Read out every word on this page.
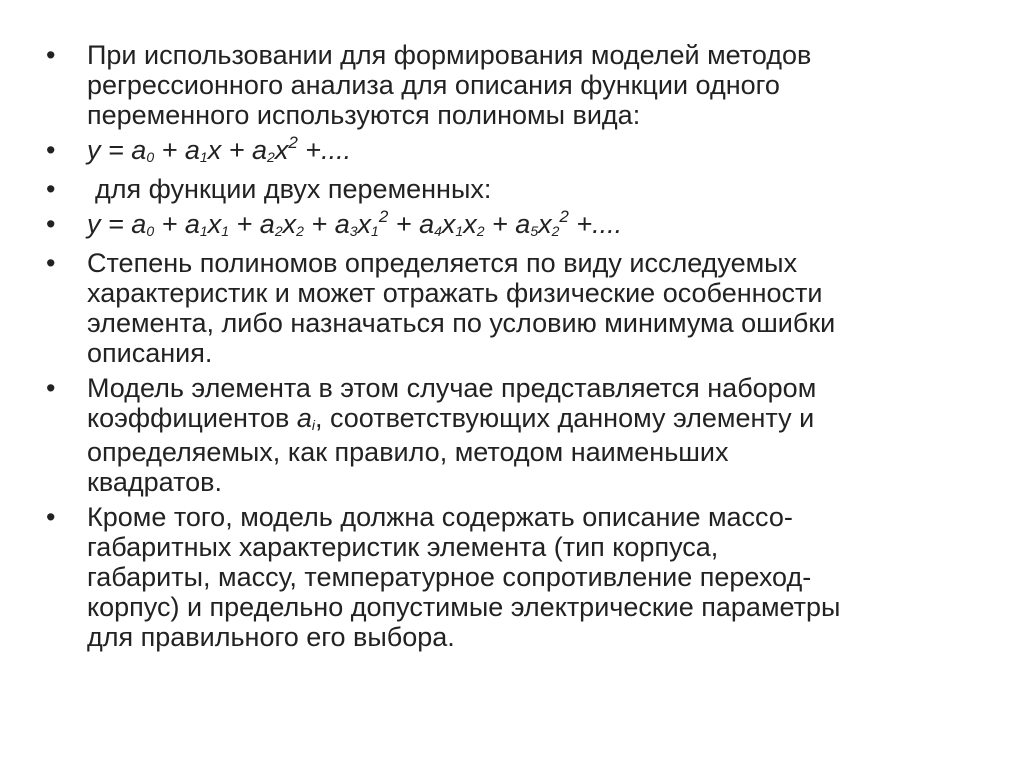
•	При использовании для формирования моделей методов
регрессионного анализа для описания функции одного
переменного используются полиномы вида:
•	$y = a0 + a1x + a2x^2$ +....
•	для функции двух переменных:
•	$y = a0 + a1x1 + a2x2 + a3x1^2 + a4x1x2 + a5x2^2$ +....
•	Степень полиномов определяется по виду исследуемых
характеристик и может отражать физические особенности
элемента, либо назначаться по условию минимума ошибки
описания.
•	Модель элемента в этом случае представляется набором
коэффициентов ai, соответствующих данному элементу и
определяемых, как правило, методом наименьших
квадратов.
•	Кроме того, модель должна содержать описание массо-
габаритных характеристик элемента (тип корпуса,
габариты, массу, температурное сопротивление переход-
корпус) и предельно допустимые электрические параметры
для правильного его выбора.
